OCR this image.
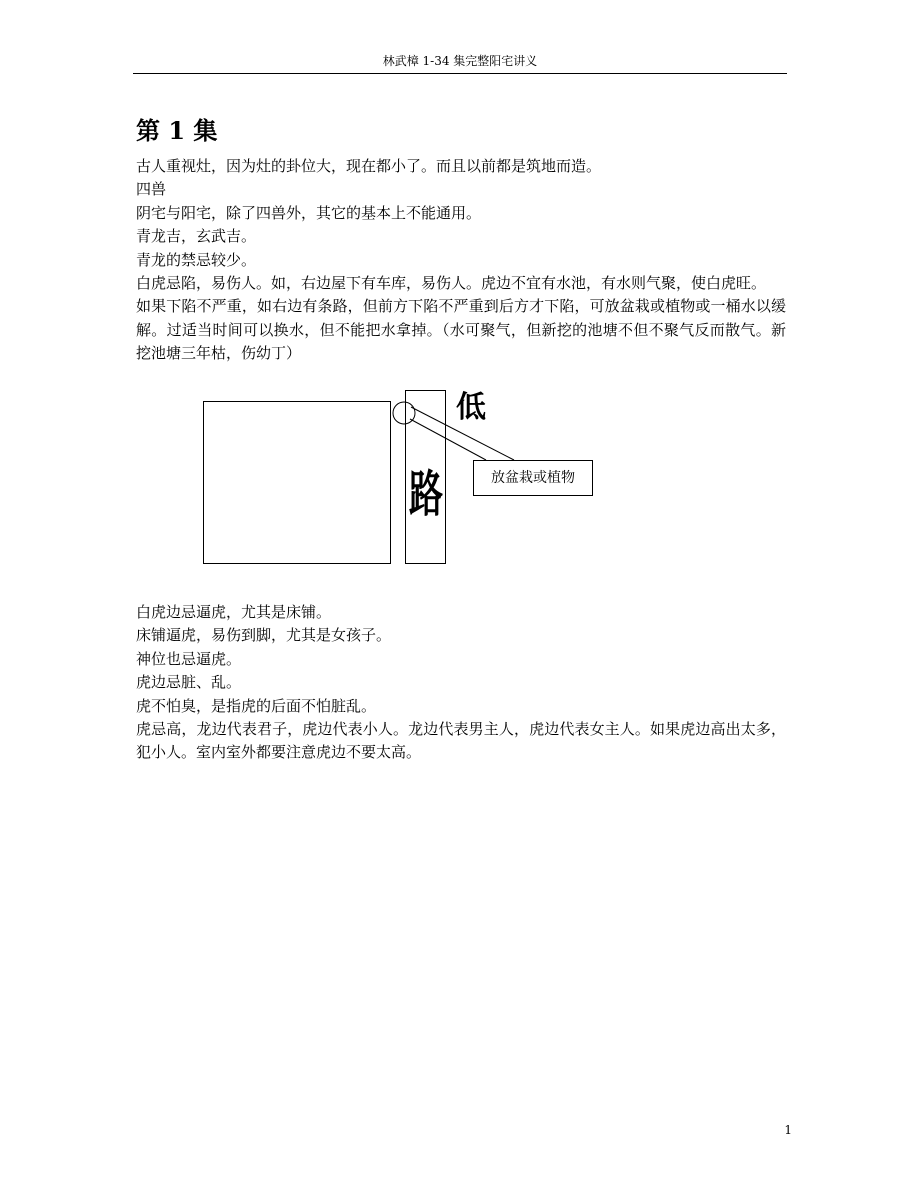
林武樟 1-34 集完整阳宅讲义
第 1 集

古人重视灶，因为灶的卦位大，现在都小了。而且以前都是筑地而造。

四兽

阴宅与阳宅，除了四兽外，其它的基本上不能通用。

青龙吉，玄武吉。

青龙的禁忌较少。

白虎忌陷，易伤人。如，右边屋下有车库，易伤人。虎边不宜有水池，有水则气聚，使白虎旺。

如果下陷不严重，如右边有条路，但前方下陷不严重到后方才下陷，可放盆栽或植物或一桶水以缓解。过适当时间可以换水，但不能把水拿掉。（水可聚气，但新挖的池塘不但不聚气反而散气。新挖池塘三年枯，伤幼丁）

路
低
放盆栽或植物

白虎边忌逼虎，尤其是床铺。

床铺逼虎，易伤到脚，尤其是女孩子。

神位也忌逼虎。

虎边忌脏、乱。

虎不怕臭，是指虎的后面不怕脏乱。

虎忌高，龙边代表君子，虎边代表小人。龙边代表男主人，虎边代表女主人。如果虎边高出太多，犯小人。室内室外都要注意虎边不要太高。

1
